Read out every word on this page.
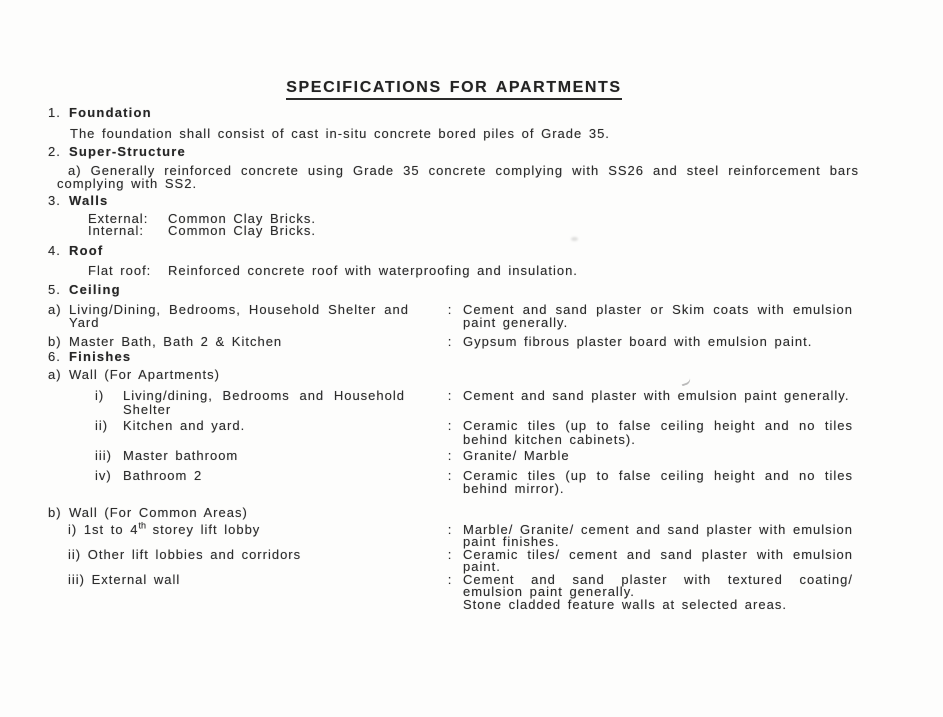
SPECIFICATIONS FOR APARTMENTS
1. Foundation

The foundation shall consist of cast in-situ concrete bored piles of Grade 35.

2. Super-Structure

a) Generally reinforced concrete using Grade 35 concrete complying with SS26 and steel reinforcement bars complying with SS2.

3. Walls
External:	Common Clay Bricks.
Internal:	Common Clay Bricks.
4. Roof
Flat roof:	Reinforced concrete roof with waterproofing and insulation.
5. Ceiling
a) Living/Dining, Bedrooms, Household Shelter and Yard
: Cement and sand plaster or Skim coats with emulsion paint generally.
b) Master Bath, Bath 2 & Kitchen	: Gypsum fibrous plaster board with emulsion paint.
6. Finishes
a) Wall (For Apartments)
i)	Living/dining, Bedrooms and Household Shelter
: Cement and sand plaster with emulsion paint generally.
ii)	Kitchen and yard.	: Ceramic tiles (up to false ceiling height and no tiles behind kitchen cabinets).
iii) Master bathroom	: Granite/ Marble
iv) Bathroom 2	: Ceramic tiles (up to false ceiling height and no tiles behind mirror).
b) Wall (For Common Areas)
i) 1st to 4th storey lift lobby	: Marble/ Granite/ cement and sand plaster with emulsion paint finishes.
ii) Other lift lobbies and corridors	: Ceramic tiles/ cement and sand plaster with emulsion paint.
iii) External wall	: Cement and sand plaster with textured coating/ emulsion paint generally.
Stone cladded feature walls at selected areas.
